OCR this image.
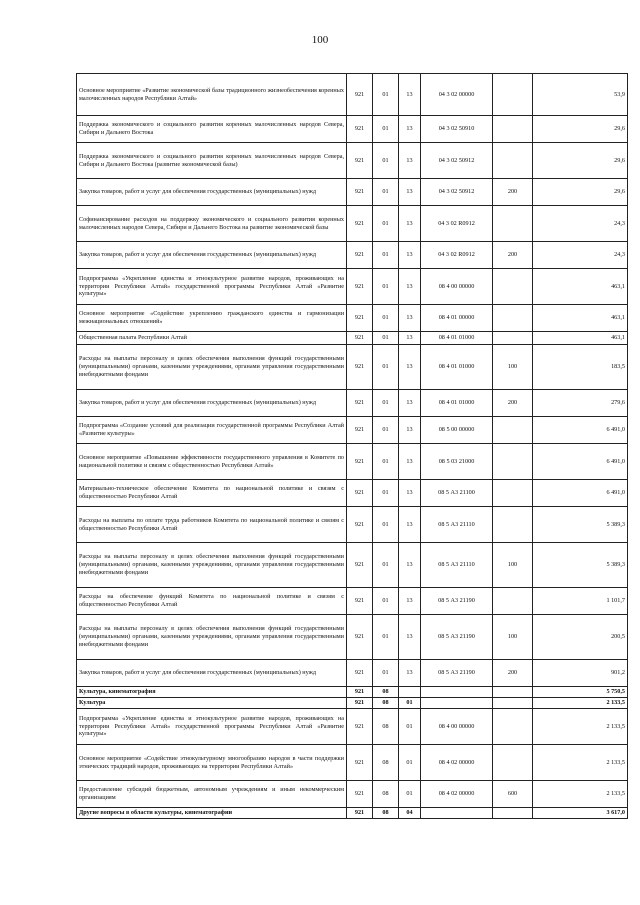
100
Основное мероприятие «Развитие экономической базы традиционного жизнеобеспечения коренных малочисленных народов Республики Алтай»	921	01	13	04 3 02 00000		53,9
Поддержка экономического и социального развития коренных малочисленных народов Севера, Сибири и Дальнего Востока	921	01	13	04 3 02 50910		29,6
Поддержка экономического и социального развития коренных малочисленных народов Севера, Сибири и Дальнего Востока (развитие экономической базы)	921	01	13	04 3 02 50912		29,6
Закупка товаров, работ и услуг для обеспечения государственных (муниципальных) нужд	921	01	13	04 3 02 50912	200	29,6
Софинансирование расходов на поддержку экономического и социального развития коренных малочисленных народов Севера, Сибири и Дальнего Востока на развитие экономической базы	921	01	13	04 3 02 R0912		24,3
Закупка товаров, работ и услуг для обеспечения государственных (муниципальных) нужд	921	01	13	04 3 02 R0912	200	24,3
Подпрограмма «Укрепление единства и этнокультурное развитие народов, проживающих на территории Республики Алтай» государственной программы Республики Алтай «Развитие культуры»	921	01	13	08 4 00 00000		463,1
Основное мероприятие «Содействие укреплению гражданского единства и гармонизации межнациональных отношений»	921	01	13	08 4 01 00000		463,1
Общественная палата Республики Алтай	921	01	13	08 4 01 01000		463,1
Расходы на выплаты персоналу в целях обеспечения выполнения функций государственными (муниципальными) органами, казенными учреждениями, органами управления государственными внебюджетными фондами	921	01	13	08 4 01 01000	100	183,5
Закупка товаров, работ и услуг для обеспечения государственных (муниципальных) нужд	921	01	13	08 4 01 01000	200	279,6
Подпрограмма «Создание условий для реализации государственной программы Республики Алтай «Развитие культуры»	921	01	13	08 5 00 00000		6 491,0
Основное мероприятие «Повышение эффективности государственного управления в Комитете по национальной политике и связям с общественностью Республики Алтай»	921	01	13	08 5 03 21000		6 491,0
Материально-техническое обеспечение Комитета по национальной политике и связям с общественностью Республики Алтай	921	01	13	08 5 А3 21100		6 491,0
Расходы на выплаты по оплате труда работников Комитета по национальной политике и связям с общественностью Республики Алтай	921	01	13	08 5 А3 21110		5 389,3
Расходы на выплаты персоналу в целях обеспечения выполнения функций государственными (муниципальными) органами, казенными учреждениями, органами управления государственными внебюджетными фондами	921	01	13	08 5 А3 21110	100	5 389,3
Расходы на обеспечение функций Комитета по национальной политике и связям с общественностью Республики Алтай	921	01	13	08 5 А3 21190		1 101,7
Расходы на выплаты персоналу в целях обеспечения выполнения функций государственными (муниципальными) органами, казенными учреждениями, органами управления государственными внебюджетными фондами	921	01	13	08 5 А3 21190	100	200,5
Закупка товаров, работ и услуг для обеспечения государственных (муниципальных) нужд	921	01	13	08 5 А3 21190	200	901,2
Культура, кинематография	921	08				5 750,5
Культура	921	08	01			2 133,5
Подпрограмма «Укрепление единства и этнокультурное развитие народов, проживающих на территории Республики Алтай» государственной программы Республики Алтай «Развитие культуры»	921	08	01	08 4 00 00000		2 133,5
Основное мероприятие «Содействие этнокультурному многообразию народов в части поддержки этнических традиций народов, проживающих на территории Республики Алтай»	921	08	01	08 4 02 00000		2 133,5
Предоставление субсидий бюджетным, автономным учреждениям и иным некоммерческим организациям	921	08	01	08 4 02 00000	600	2 133,5
Другие вопросы в области культуры, кинематографии	921	08	04			3 617,0
